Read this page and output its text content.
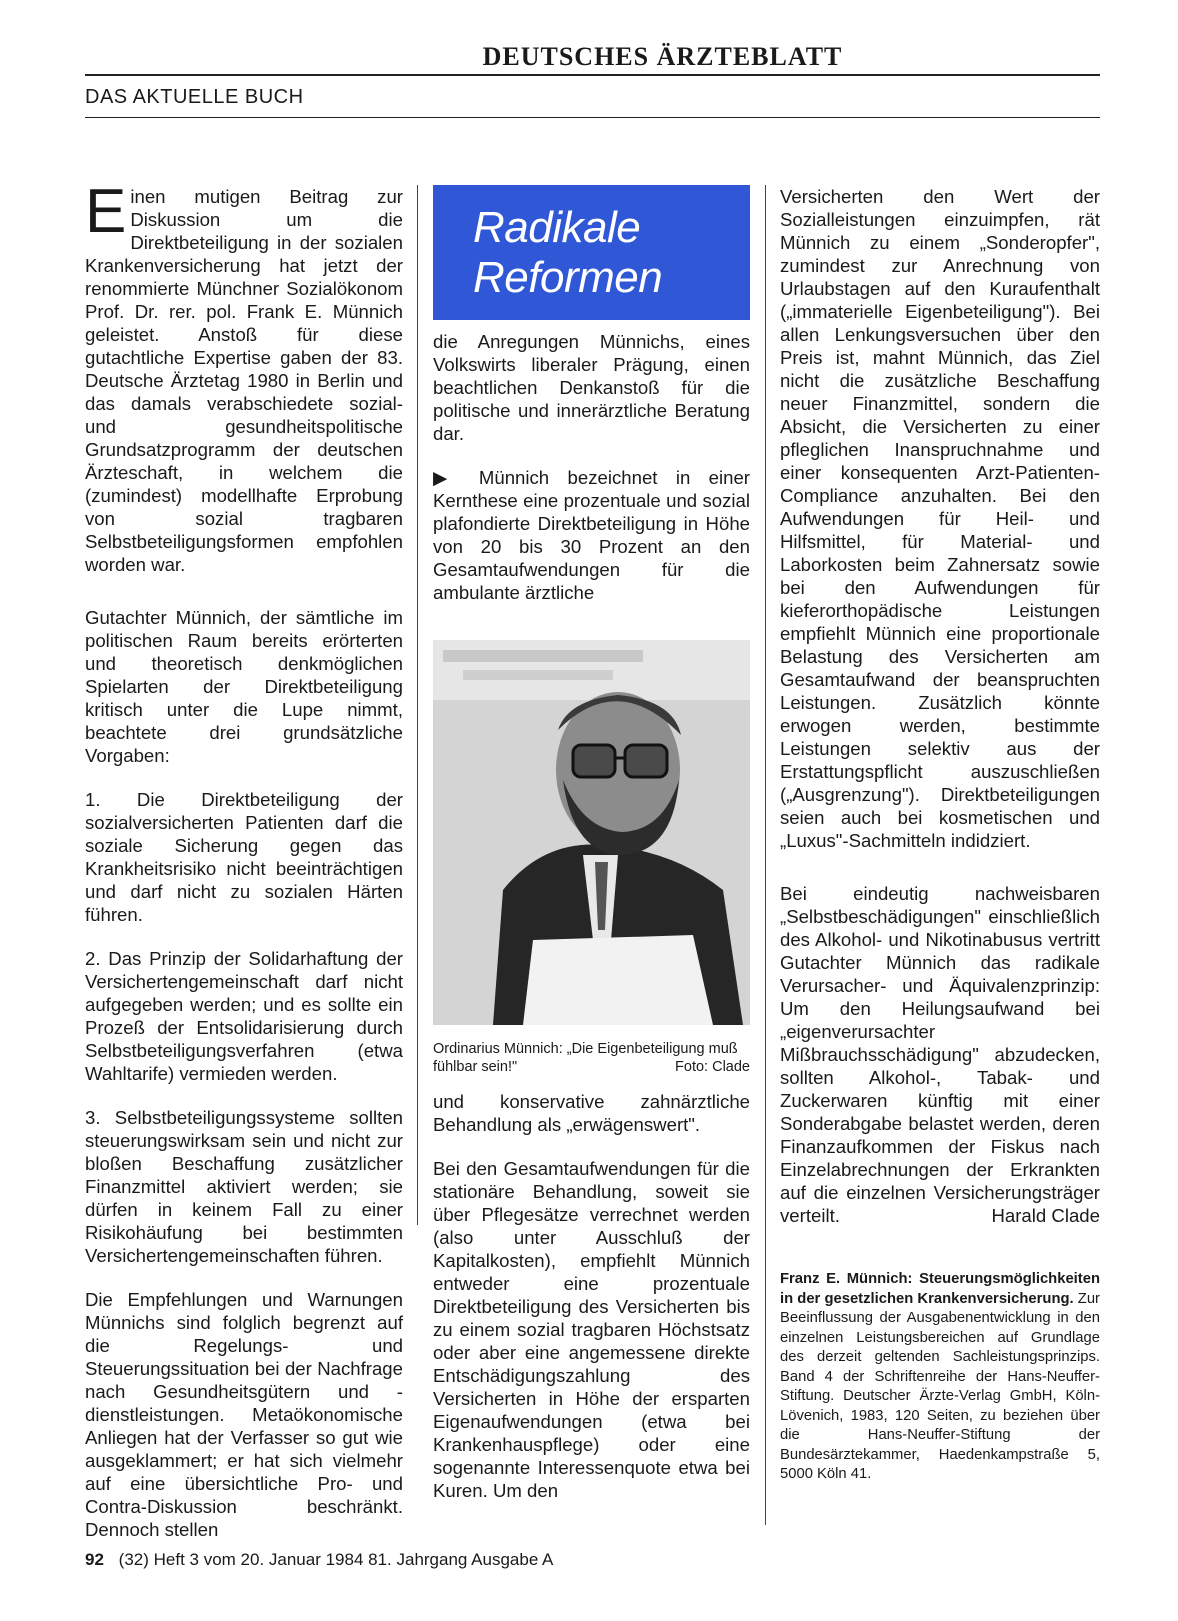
DEUTSCHES ÄRZTEBLATT
DAS AKTUELLE BUCH

Einen mutigen Beitrag zur Diskussion um die Direktbeteiligung in der sozialen Krankenversicherung hat jetzt der renommierte Münchner Sozialökonom Prof. Dr. rer. pol. Frank E. Münnich geleistet. Anstoß für diese gutachtliche Expertise gaben der 83. Deutsche Ärztetag 1980 in Berlin und das damals verabschiedete sozial- und gesundheitspolitische Grundsatzprogramm der deutschen Ärzteschaft, in welchem die (zumindest) modellhafte Erprobung von sozial tragbaren Selbstbeteiligungsformen empfohlen worden war.

Gutachter Münnich, der sämtliche im politischen Raum bereits erörterten und theoretisch denkmöglichen Spielarten der Direktbeteiligung kritisch unter die Lupe nimmt, beachtete drei grundsätzliche Vorgaben:

1. Die Direktbeteiligung der sozialversicherten Patienten darf die soziale Sicherung gegen das Krankheitsrisiko nicht beeinträchtigen und darf nicht zu sozialen Härten führen.

2. Das Prinzip der Solidarhaftung der Versichertengemeinschaft darf nicht aufgegeben werden; und es sollte ein Prozeß der Entsolidarisierung durch Selbstbeteiligungsverfahren (etwa Wahltarife) vermieden werden.

3. Selbstbeteiligungssysteme sollten steuerungswirksam sein und nicht zur bloßen Beschaffung zusätzlicher Finanzmittel aktiviert werden; sie dürfen in keinem Fall zu einer Risikohäufung bei bestimmten Versichertengemeinschaften führen.

Die Empfehlungen und Warnungen Münnichs sind folglich begrenzt auf die Regelungs- und Steuerungssituation bei der Nachfrage nach Gesundheitsgütern und -dienstleistungen. Metaökonomische Anliegen hat der Verfasser so gut wie ausgeklammert; er hat sich vielmehr auf eine übersichtliche Pro- und Contra-Diskussion beschränkt. Dennoch stellen

Radikale
Reformen

die Anregungen Münnichs, eines Volkswirts liberaler Prägung, einen beachtlichen Denkanstoß für die politische und innerärztliche Beratung dar.

▶ Münnich bezeichnet in einer Kernthese eine prozentuale und sozial plafondierte Direktbeteiligung in Höhe von 20 bis 30 Prozent an den Gesamtaufwendungen für die ambulante ärztliche

Ordinarius Münnich: „Die Eigenbeteiligung muß fühlbar sein!"	Foto: Clade

und konservative zahnärztliche Behandlung als „erwägenswert".

Bei den Gesamtaufwendungen für die stationäre Behandlung, soweit sie über Pflegesätze verrechnet werden (also unter Ausschluß der Kapitalkosten), empfiehlt Münnich entweder eine prozentuale Direktbeteiligung des Versicherten bis zu einem sozial tragbaren Höchstsatz oder aber eine angemessene direkte Entschädigungszahlung des Versicherten in Höhe der ersparten Eigenaufwendungen (etwa bei Krankenhauspflege) oder eine sogenannte Interessenquote etwa bei Kuren. Um den

Versicherten den Wert der Sozialleistungen einzuimpfen, rät Münnich zu einem „Sonderopfer", zumindest zur Anrechnung von Urlaubstagen auf den Kuraufenthalt („immaterielle Eigenbeteiligung"). Bei allen Lenkungsversuchen über den Preis ist, mahnt Münnich, das Ziel nicht die zusätzliche Beschaffung neuer Finanzmittel, sondern die Absicht, die Versicherten zu einer pfleglichen Inanspruchnahme und einer konsequenten Arzt-Patienten-Compliance anzuhalten. Bei den Aufwendungen für Heil- und Hilfsmittel, für Material- und Laborkosten beim Zahnersatz sowie bei den Aufwendungen für kieferorthopädische Leistungen empfiehlt Münnich eine proportionale Belastung des Versicherten am Gesamtaufwand der beanspruchten Leistungen. Zusätzlich könnte erwogen werden, bestimmte Leistungen selektiv aus der Erstattungspflicht auszuschließen („Ausgrenzung"). Direktbeteiligungen seien auch bei kosmetischen und „Luxus"-Sachmitteln indidziert.

Bei eindeutig nachweisbaren „Selbstbeschädigungen" einschließlich des Alkohol- und Nikotinabusus vertritt Gutachter Münnich das radikale Verursacher- und Äquivalenzprinzip: Um den Heilungsaufwand bei „eigenverursachter Mißbrauchsschädigung" abzudecken, sollten Alkohol-, Tabak- und Zuckerwaren künftig mit einer Sonderabgabe belastet werden, deren Finanzaufkommen der Fiskus nach Einzelabrechnungen der Erkrankten auf die einzelnen Versicherungsträger verteilt.	Harald Clade

Franz E. Münnich: Steuerungsmöglichkeiten in der gesetzlichen Krankenversicherung. Zur Beeinflussung der Ausgabenentwicklung in den einzelnen Leistungsbereichen auf Grundlage des derzeit geltenden Sachleistungsprinzips. Band 4 der Schriftenreihe der Hans-Neuffer-Stiftung. Deutscher Ärzte-Verlag GmbH, Köln-Lövenich, 1983, 120 Seiten, zu beziehen über die Hans-Neuffer-Stiftung der Bundesärztekammer, Haedenkampstraße 5, 5000 Köln 41.
92 (32) Heft 3 vom 20. Januar 1984 81. Jahrgang Ausgabe A
